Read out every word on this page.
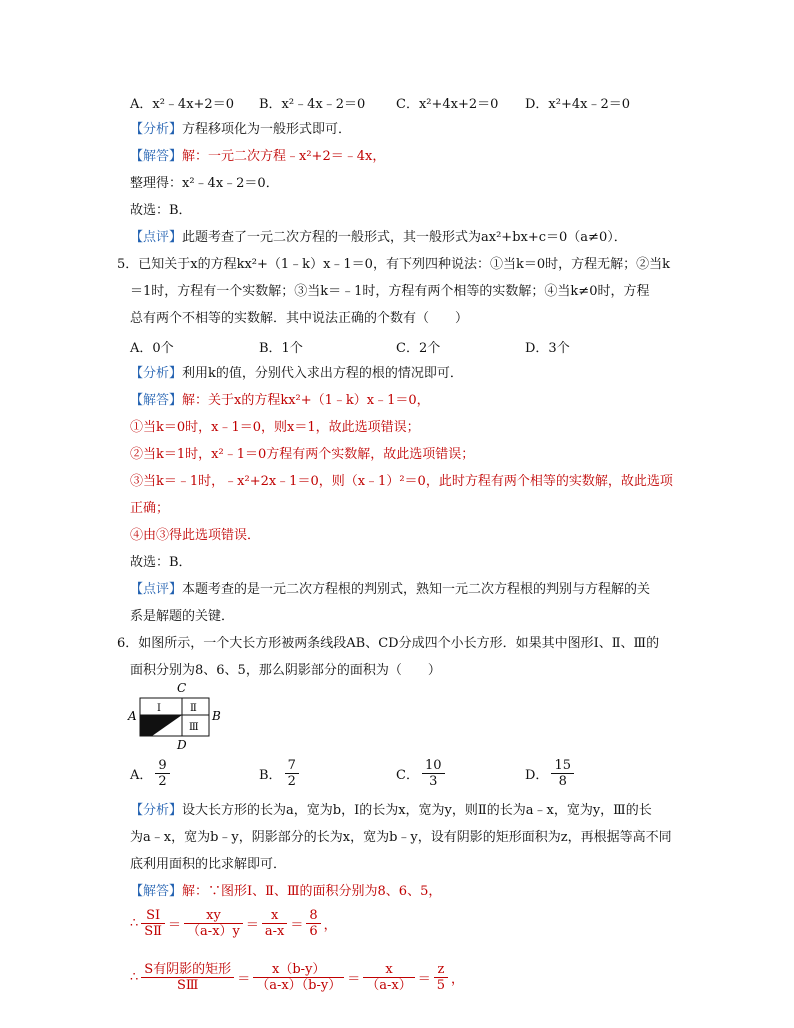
A．x²﹣4x+2＝0 B．x²﹣4x﹣2＝0 C．x²+4x+2＝0 D．x²+4x﹣2＝0
【分析】方程移项化为一般形式即可．
【解答】解：一元二次方程﹣x²+2＝﹣4x，
整理得：x²﹣4x﹣2＝0．
故选：B．
【点评】此题考查了一元二次方程的一般形式，其一般形式为ax²+bx+c＝0（a≠0）．
5．已知关于x的方程kx²+（1﹣k）x﹣1＝0，有下列四种说法：①当k＝0时，方程无解；②当k
＝1时，方程有一个实数解；③当k＝﹣1时，方程有两个相等的实数解；④当k≠0时，方程
总有两个不相等的实数解．其中说法正确的个数有（　　）
A．0个	B．1个	C．2个	D．3个
【分析】利用k的值，分别代入求出方程的根的情况即可．
【解答】解：关于x的方程kx²+（1﹣k）x﹣1＝0，
①当k＝0时，x﹣1＝0，则x＝1，故此选项错误；
②当k＝1时，x²﹣1＝0方程有两个实数解，故此选项错误；
③当k＝﹣1时，﹣x²+2x﹣1＝0，则（x﹣1）²＝0，此时方程有两个相等的实数解，故此选项
正确；
④由③得此选项错误．
故选：B．
【点评】本题考查的是一元二次方程根的判别式，熟知一元二次方程根的判别与方程解的关
系是解题的关键．
6．如图所示，一个大长方形被两条线段AB、CD分成四个小长方形．如果其中图形Ⅰ、Ⅱ、Ⅲ的
面积分别为8、6、5，那么阴影部分的面积为（　　）
C
A	B
D
Ⅰ	Ⅱ
Ⅲ
A． $\frac{9}{2}$	B． $\frac{7}{2}$	C． $\frac{10}{3}$	D． $\frac{15}{8}$
【分析】设大长方形的长为a，宽为b，Ⅰ的长为x，宽为y，则Ⅱ的长为a﹣x，宽为y，Ⅲ的长
为a﹣x，宽为b﹣y，阴影部分的长为x，宽为b﹣y，设有阴影的矩形面积为z，再根据等高不同
底利用面积的比求解即可．
【解答】解：∵图形Ⅰ、Ⅱ、Ⅲ的面积分别为8、6、5，
∴ $\frac{\text{SⅠ}}{\text{SⅡ}} = \frac{xy}{(a-x)y} = \frac{x}{a-x} = \frac{8}{6}$ ，
∴ $\frac{\text{S有阴影的矩形}}{\text{SⅢ}} = \frac{x(b-y)}{(a-x)(b-y)} = \frac{x}{(a-x)} = \frac{z}{5}$ ，
